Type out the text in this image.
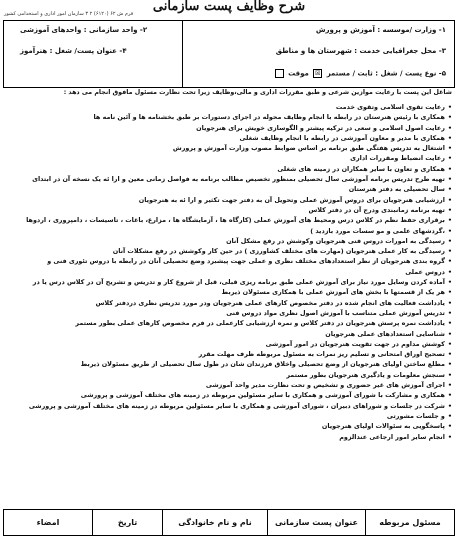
شرح وظایف پست سازمانی
فرم ش ۶۲ (۶۱۲۰) ۲ ۳ سازمان امور اداری و استخدامی کشور
۱- وزارت /موسسه : آموزش و پرورش
۲- واحد سازمانی : واحدهای آموزشی
۳- محل جغرافیایی خدمت : شهرستان ها و مناطق
۴- عنوان پست/ شغل : هنرآموز
۵- نوع پست / شغل : ثابت / مستمر ☒ موقت
شاغل این پست با رعایت موازین شرعی و طبق مقررات اداری و مالی،وظایف زیرا تحت نظارت مسئول مافوق انجام می دهد :
•رعایت تقوی اسلامی وتقوی خدمت
•همکاری با رئیس هنرستان در رابطه با انجام وظایف محوله در اجرای دستورات بر طبق بخشنامه ها و آئین نامه ها
•رعایت اصول اسلامی و سعی در ترکیه پیشتر و الگوسازی خویش برای هنرجویان
•همکاری با مدیر و معاون آموزشی در رابطه با انجام وظایف شغلی
•اشتغال به تدریس هفتگی طبق برنامه بر اساس ضوابط مصوب وزارت آموزش و پرورش
•رعایت انضباط ومقررات اداری
•همکاری و تعاون با سایر همکاران در زمینه های شغلی
•تهیه طرح تدریس برنامه آموزشی سال تحصیلی بمنظور تخصیص مطالب برنامه به فواصل زمانی معین و ارا ئه یک نسخه آن در ابتدای
•سال تحصیلی به دفتر هنرستان
•ارزشیابی هنرجویان برای دروس آموزش عملی وتحویل آن به دفتر جهت تکثیر و ارا ئه به هنرجویان
•تهیه برنامه زمانبندی ودرج آن در دفتر کلاس
•برقراری حفظ نظم در کلاس درس ومحیط های آموزش عملی (کارگاه ها ، آزمایشگاه ها ، مزارع، باغات ، تاسیسات ، دامپروری ، اردوها
•،گردشهای علمی و مو سسات مورد بازدید )
•رسیدگی به امورات دروس فنی هنرجویان وکوشش در رفع مشکل آنان
•رسیدگی به کار عملی هنرجویان (مهارت های مختلف کشاورزی ) در حین کار وکوشش در رفع مشکلات آنان
•گروه بندی هنرجویان از نظر استعدادهای مختلف نظری و عملی جهت پیشبرد وضع تحصیلی آنان در رابطه با دروس تئوری فنی و
•دروس عملی
•آماده کردن وسایل مورد نیاز برای آموزش عملی طبق برنامه ریزی قبلی، قبل از شروع کار و تدریس و تشریح آن در کلاس درس یا در
•هر یک از قسمتها با بخش های آموزش عملی با همکاری مسئولان ذیربط
•یادداشت فعالیت های انجام شده در دفتر مخصوص کارهای عملی هنرجویان ودر مورد تدریس نظری دردفتر کلاس
•تدریس آموزش عملی متناسب با آموزش اصول نظری مواد دروس فنی
•یادداشت نمره پرسش هنرجویان در دفتر کلاس و نمره ارزشیابی کارعملی در فرم مخصوص کارهای عملی بطور مستمر
•شناسایی استعدادهای عملی هنرجویان
•کوشش مداوم در جهت تقویت هنرجویان در امور آموزشی
•تصحیح اوراق امتحانی و تسلیم ریز نمرات به مسئول مربوطه ظرف مهلت مقرر
•مطلع ساختن اولیای هنرجویان از وضع تحصیلی واخلاق فرزندان شان در طول سال تحصیلی از طریق مسئولان ذیربط
•سنجش معلومات و یادگیری هنرجویان بطور مستمر
•اجرای آموزش های غیر حضوری و تشخیص و تحت نظارت مدیر واحد آموزشی
•همکاری و مشارکت با شورای آموزشی و همکاری با سایر مسئولین مربوطه در زمینه های مختلف آموزشی و پرورشی
•شرکت در جلسات و شوراهای دبیران ، شورای آموزشی و همکاری با سایر مسئولین مربوطه در زمینه های مختلف آموزشی و پرورشی
•و جلسات مشورتی
•پاسخگویی به سئوالات اولیای هنرجویان
•انجام سایر امور ارجاعی عندالزوم
مسئول مربوطه
عنوان پست سازمانی
نام و نام خانوادگی
تاریخ
امضاء
